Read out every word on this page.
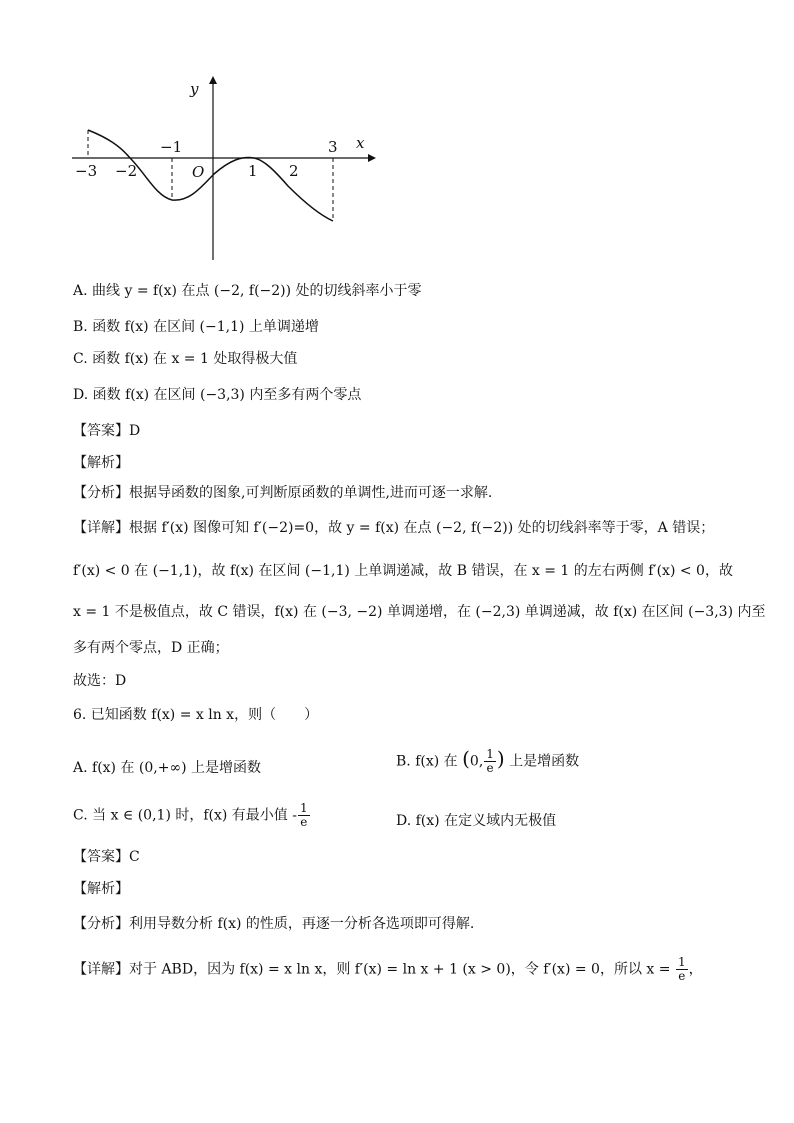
x
y
O
−3 −2
−1
1 2
3
A. 曲线 y = f(x) 在点 (−2, f(−2)) 处的切线斜率小于零
B. 函数 f(x) 在区间 (−1,1) 上单调递增
C. 函数 f(x) 在 x = 1 处取得极大值
D. 函数 f(x) 在区间 (−3,3) 内至多有两个零点
【答案】D
【解析】
【分析】根据导函数的图象,可判断原函数的单调性,进而可逐一求解.
【详解】根据 f′(x) 图像可知 f′(−2)=0，故 y = f(x) 在点 (−2, f(−2)) 处的切线斜率等于零，A 错误；
f′(x) < 0 在 (−1,1)，故 f(x) 在区间 (−1,1) 上单调递减，故 B 错误，在 x = 1 的左右两侧 f′(x) < 0，故
x = 1 不是极值点，故 C 错误，f(x) 在 (−3, −2) 单调递增，在 (−2,3) 单调递减，故 f(x) 在区间 (−3,3) 内至
多有两个零点，D 正确；
故选：D
6. 已知函数 f(x) = x ln x，则（　　）
A. f(x) 在 (0,+∞) 上是增函数	B. f(x) 在 (0, $\frac{1}{e}$ ) 上是增函数
C. 当 x ∈ (0,1) 时，f(x) 有最小值 - $\frac{1}{e}$	D. f(x) 在定义域内无极值
【答案】C
【解析】
【分析】利用导数分析 f(x) 的性质，再逐一分析各选项即可得解.
【详解】对于 ABD，因为 f(x) = x ln x，则 f′(x) = ln x + 1 (x > 0)，令 f′(x) = 0，所以 $x = \frac{1}{e}$ ，
